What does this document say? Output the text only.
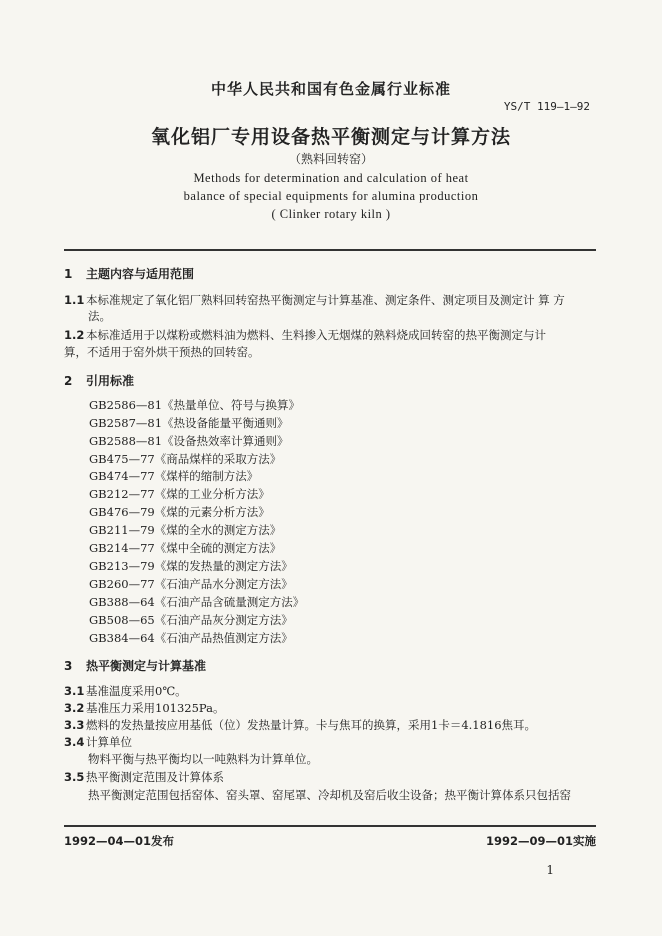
中华人民共和国有色金属行业标准
YS/T 119—1—92
氧化铝厂专用设备热平衡测定与计算方法
（熟料回转窑）
Methods for determination and calculation of heat
balance of special equipments for alumina production
( Clinker rotary kiln )
1 主题内容与适用范围
1.1 本标准规定了氧化铝厂熟料回转窑热平衡测定与计算基准、测定条件、测定项目及测定计 算 方
法。
1.2 本标准适用于以煤粉或燃料油为燃料、生料掺入无烟煤的熟料烧成回转窑的热平衡测定与计
算，不适用于窑外烘干预热的回转窑。
2 引用标准
GB2586—81《热量单位、符号与换算》
GB2587—81《热设备能量平衡通则》
GB2588—81《设备热效率计算通则》
GB475—77《商品煤样的采取方法》
GB474—77《煤样的缩制方法》
GB212—77《煤的工业分析方法》
GB476—79《煤的元素分析方法》
GB211—79《煤的全水的测定方法》
GB214—77《煤中全硫的测定方法》
GB213—79《煤的发热量的测定方法》
GB260—77《石油产品水分测定方法》
GB388—64《石油产品含硫量测定方法》
GB508—65《石油产品灰分测定方法》
GB384—64《石油产品热值测定方法》
3 热平衡测定与计算基准
3.1 基准温度采用0℃。
3.2 基准压力采用101325Pa。
3.3 燃料的发热量按应用基低（位）发热量计算。卡与焦耳的换算，采用1卡＝4.1816焦耳。
3.4 计算单位
物料平衡与热平衡均以一吨熟料为计算单位。
3.5 热平衡测定范围及计算体系
热平衡测定范围包括窑体、窑头罩、窑尾罩、冷却机及窑后收尘设备；热平衡计算体系只包括窑
1992—04—01发布	1992—09—01实施
1
